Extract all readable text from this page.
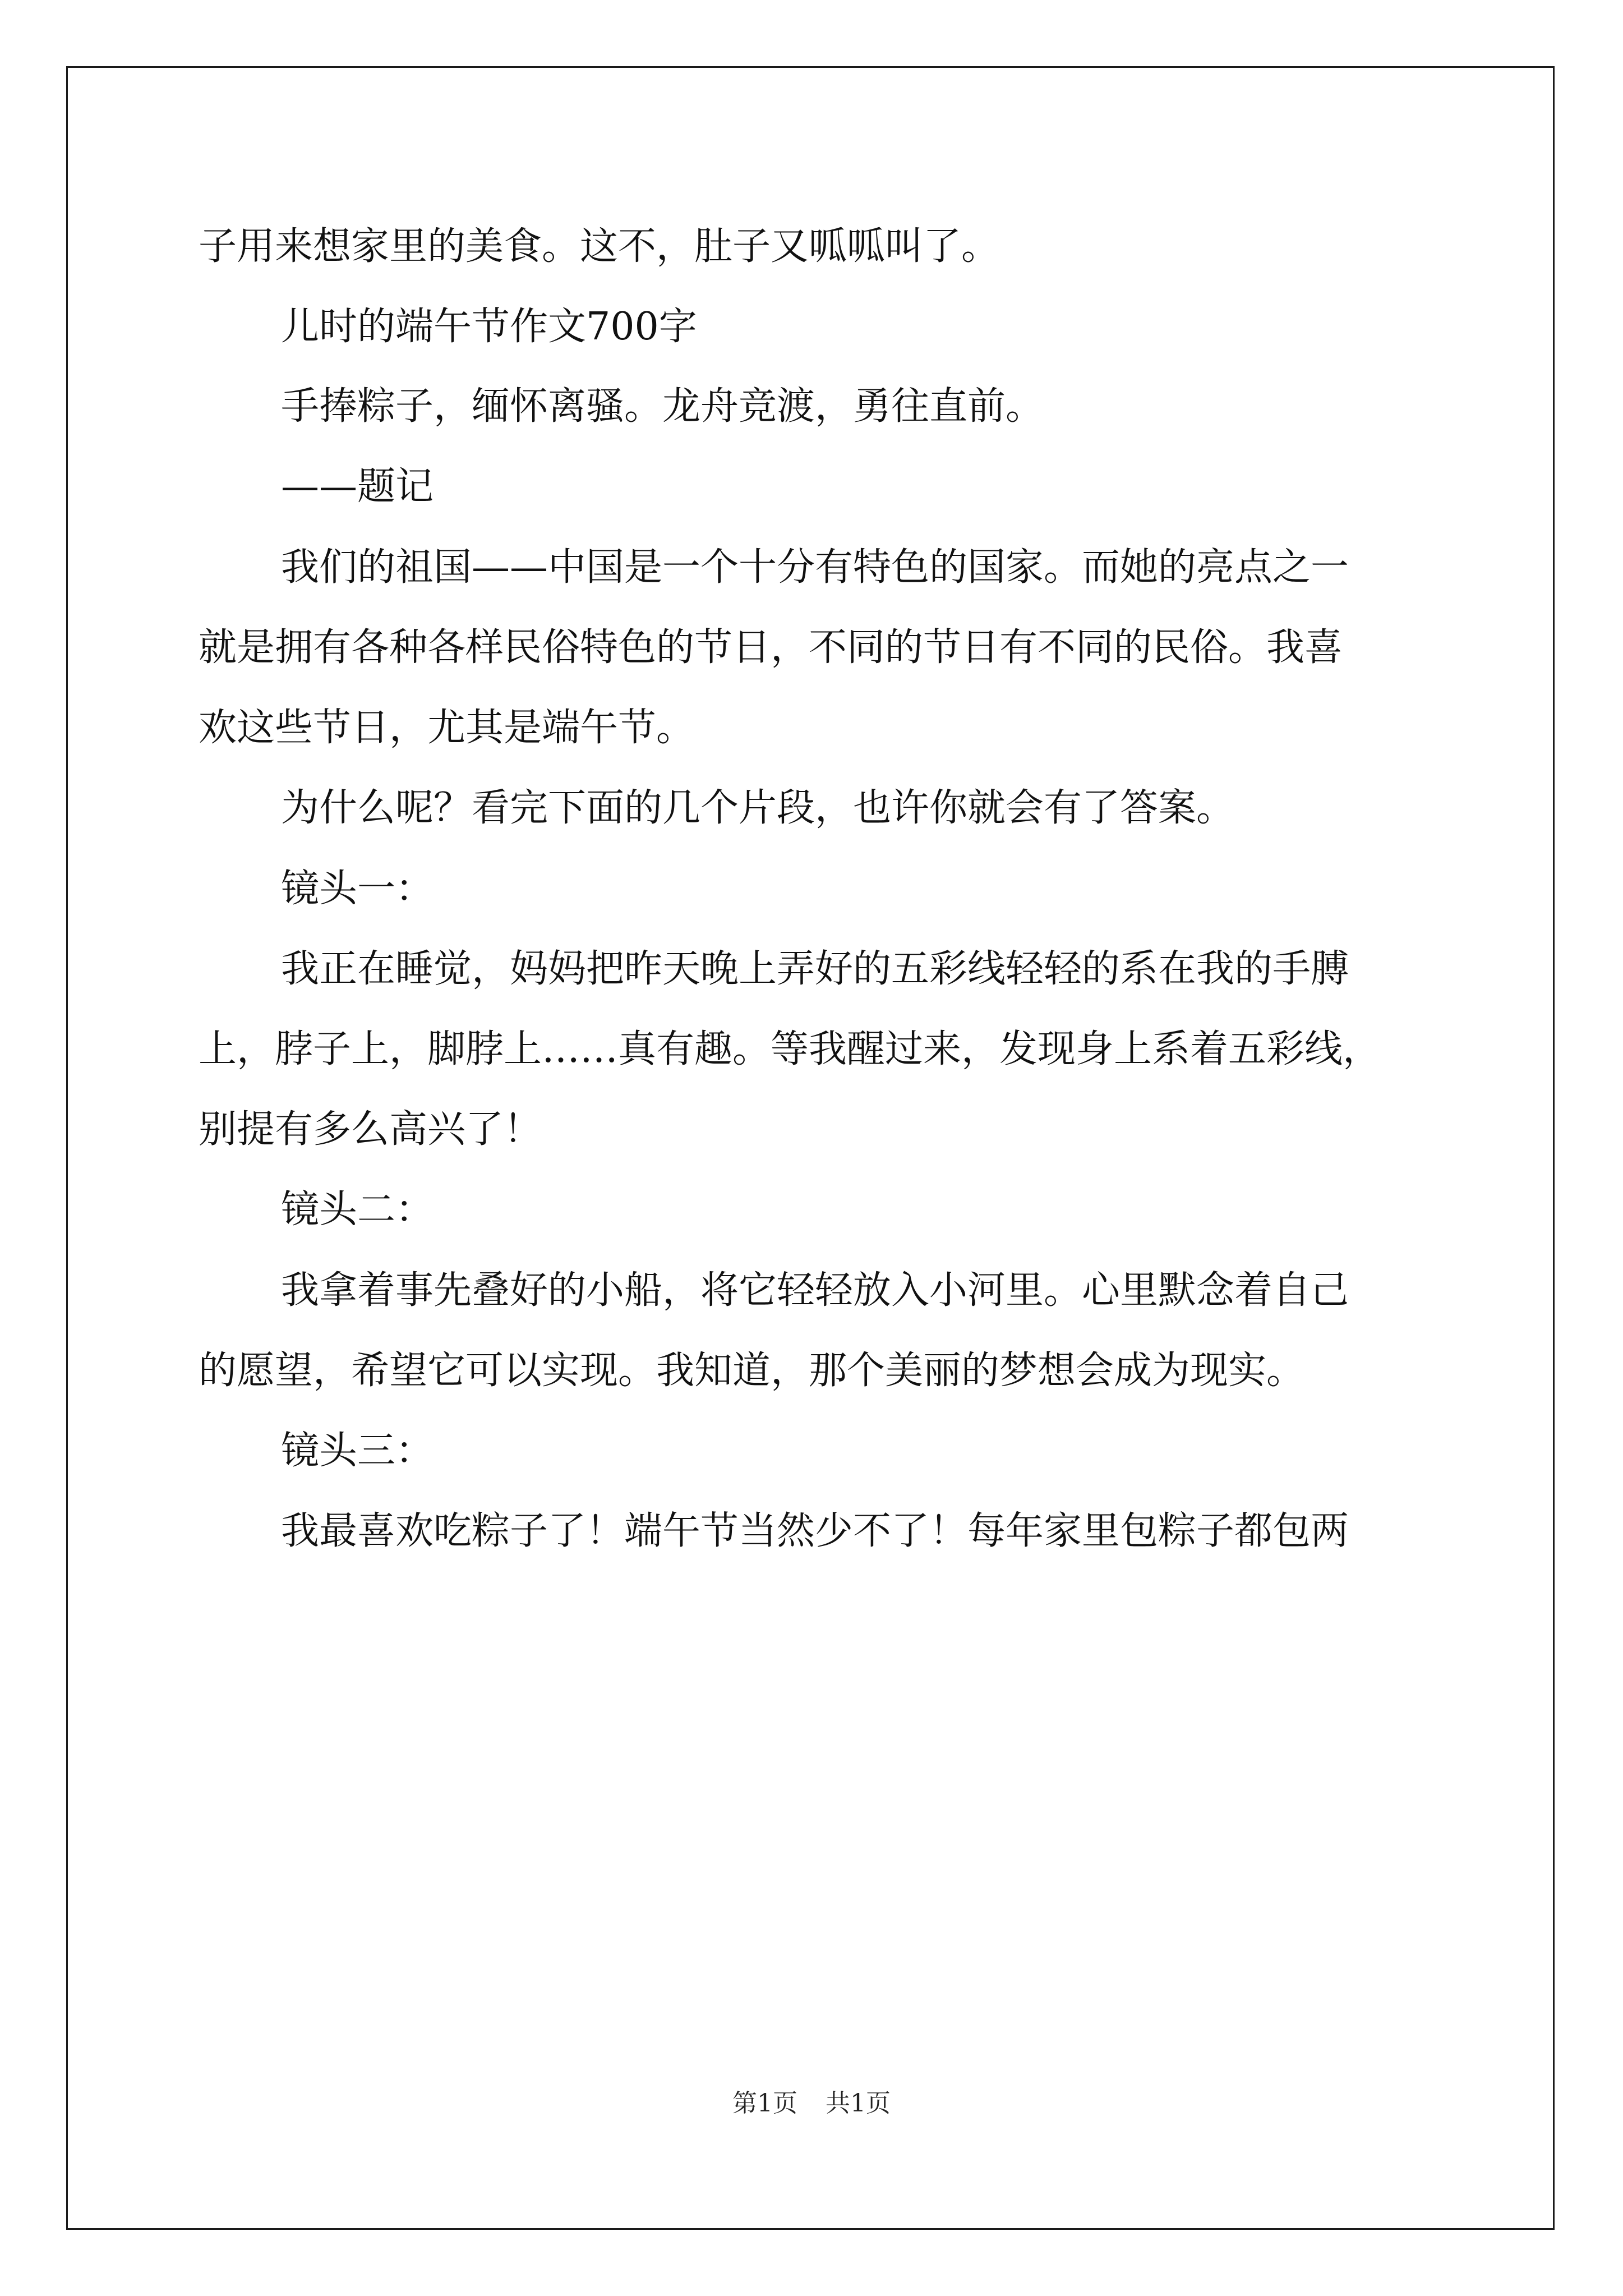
子用来想家里的美食。这不，肚子又呱呱叫了。
儿时的端午节作文700字
手捧粽子，缅怀离骚。龙舟竞渡，勇往直前。
——题记
我们的祖国——中国是一个十分有特色的国家。而她的亮点之一
就是拥有各种各样民俗特色的节日，不同的节日有不同的民俗。我喜
欢这些节日，尤其是端午节。
为什么呢？看完下面的几个片段，也许你就会有了答案。
镜头一：
我正在睡觉，妈妈把昨天晚上弄好的五彩线轻轻的系在我的手膊
上，脖子上，脚脖上……真有趣。等我醒过来，发现身上系着五彩线，
别提有多么高兴了！
镜头二：
我拿着事先叠好的小船，将它轻轻放入小河里。心里默念着自己
的愿望，希望它可以实现。我知道，那个美丽的梦想会成为现实。
镜头三：
我最喜欢吃粽子了！端午节当然少不了！每年家里包粽子都包两
第1页 共1页
